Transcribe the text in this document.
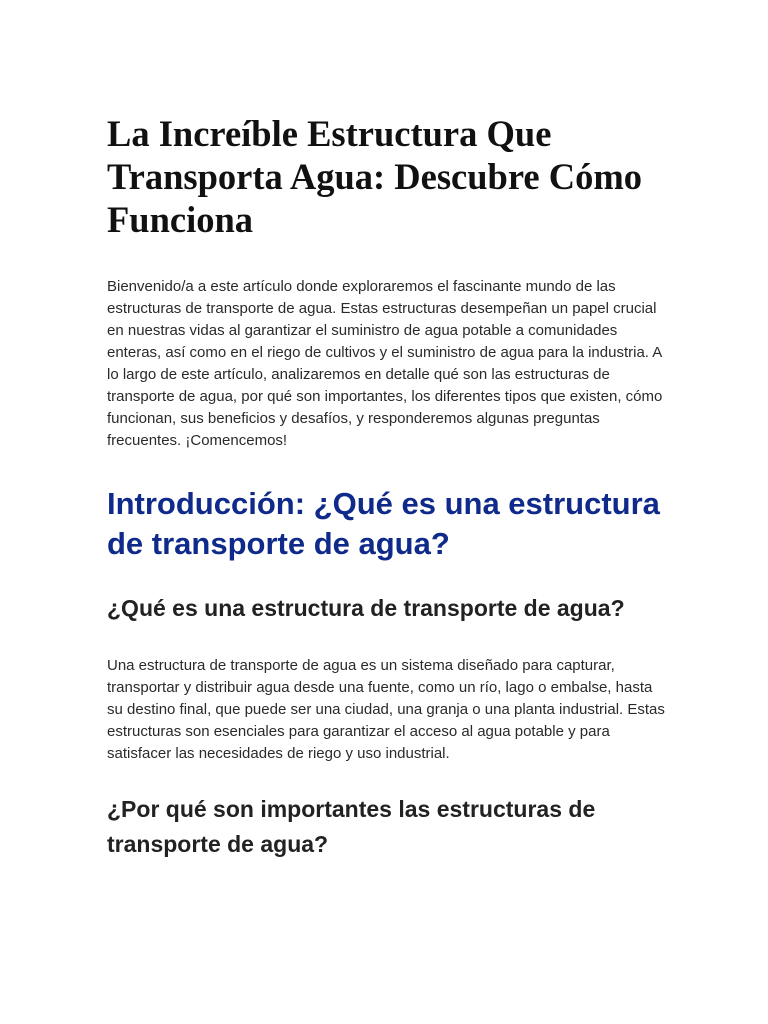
La Increíble Estructura Que Transporta Agua: Descubre Cómo Funciona

Bienvenido/a a este artículo donde exploraremos el fascinante mundo de las estructuras de transporte de agua. Estas estructuras desempeñan un papel crucial en nuestras vidas al garantizar el suministro de agua potable a comunidades enteras, así como en el riego de cultivos y el suministro de agua para la industria. A lo largo de este artículo, analizaremos en detalle qué son las estructuras de transporte de agua, por qué son importantes, los diferentes tipos que existen, cómo funcionan, sus beneficios y desafíos, y responderemos algunas preguntas frecuentes. ¡Comencemos!

Introducción: ¿Qué es una estructura de transporte de agua?
¿Qué es una estructura de transporte de agua?

Una estructura de transporte de agua es un sistema diseñado para capturar, transportar y distribuir agua desde una fuente, como un río, lago o embalse, hasta su destino final, que puede ser una ciudad, una granja o una planta industrial. Estas estructuras son esenciales para garantizar el acceso al agua potable y para satisfacer las necesidades de riego y uso industrial.

¿Por qué son importantes las estructuras de transporte de agua?
